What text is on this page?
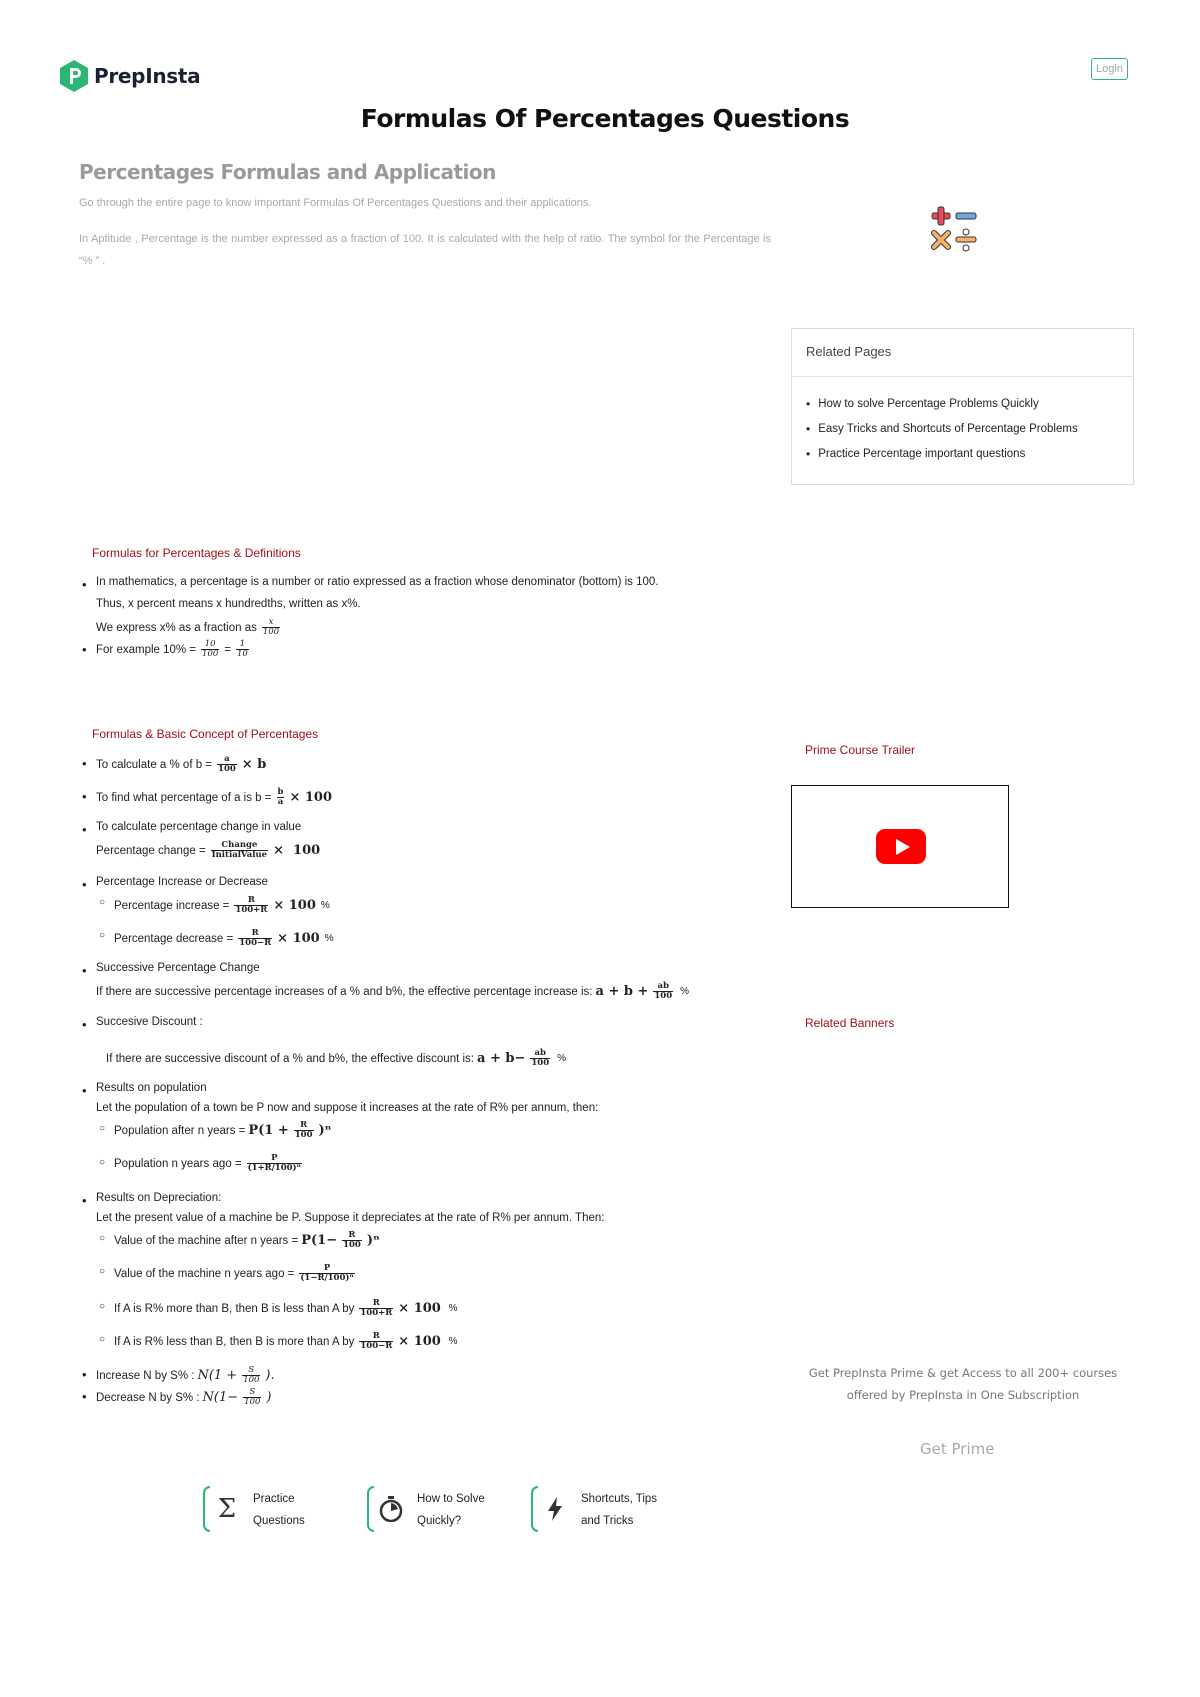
PrepInsta	Login
Formulas Of Percentages Questions
Percentages Formulas and Application

Go through the entire page to know important Formulas Of Percentages Questions and their applications.

In Aptitude , Percentage is the number expressed as a fraction of 100. It is calculated with the help of ratio. The symbol for the Percentage is “% ” .

Related Pages
• How to solve Percentage Problems Quickly
• Easy Tricks and Shortcuts of Percentage Problems
• Practice Percentage important questions
Formulas for Percentages & Definitions
• In mathematics, a percentage is a number or ratio expressed as a fraction whose denominator (bottom) is 100.
Thus, x percent means x hundredths, written as x%.
We express x% as a fraction as $\frac{x}{100}$
• For example $10\% = \frac{10}{100} = \frac{1}{10}$
Formulas & Basic Concept of Percentages
• To calculate a % of $b = \frac{a}{100} \times b$
• To find what percentage of a is $b = \frac{b}{a} \times 100$
• To calculate percentage change in value
Percentage change = $\frac{\text{Change}}{\text{InitialValue}} \times 100$
• Percentage Increase or Decrease
○ Percentage increase = $\frac{R}{100+R} \times 100$ %
○ Percentage decrease = $\frac{R}{100-R} \times 100$ %
• Successive Percentage Change
If there are successive percentage increases of a % and b%, the effective percentage increase is: $a + b + \frac{ab}{100}$ %
• Succesive Discount :
If there are successive discount of a % and b%, the effective discount is: $a + b- \frac{ab}{100}$ %
• Results on population
Let the population of a town be P now and suppose it increases at the rate of R% per annum, then:
○ Population after n years = $P(1 + \frac{R}{100} )^n$
○ Population n years ago = $\frac{P}{\text{(1+R/100)ⁿ}}$
• Results on Depreciation:
Let the present value of a machine be P. Suppose it depreciates at the rate of R% per annum. Then:
○ Value of the machine after n years = $P(1- \frac{R}{100} )^n$
○ Value of the machine n years ago = $\frac{P}{\text{(1−R/100)ⁿ}}$
○ If A is R% more than B, then B is less than A by $\frac{R}{100+R} \times 100$ %
○ If A is R% less than B, then B is more than A by $\frac{R}{100-R} \times 100$ %
• Increase N by S% : $N(1 + \frac{S}{100}$ ).
• Decrease N by S% : $N(1- \frac{S}{100}$ )
Prime Course Trailer
Related Banners
Get PrepInsta Prime & get Access to all 200+ courses offered by PrepInsta in One Subscription
Get Prime
Σ Practice
Questions
How to Solve
Quickly?
Shortcuts, Tips
and Tricks
